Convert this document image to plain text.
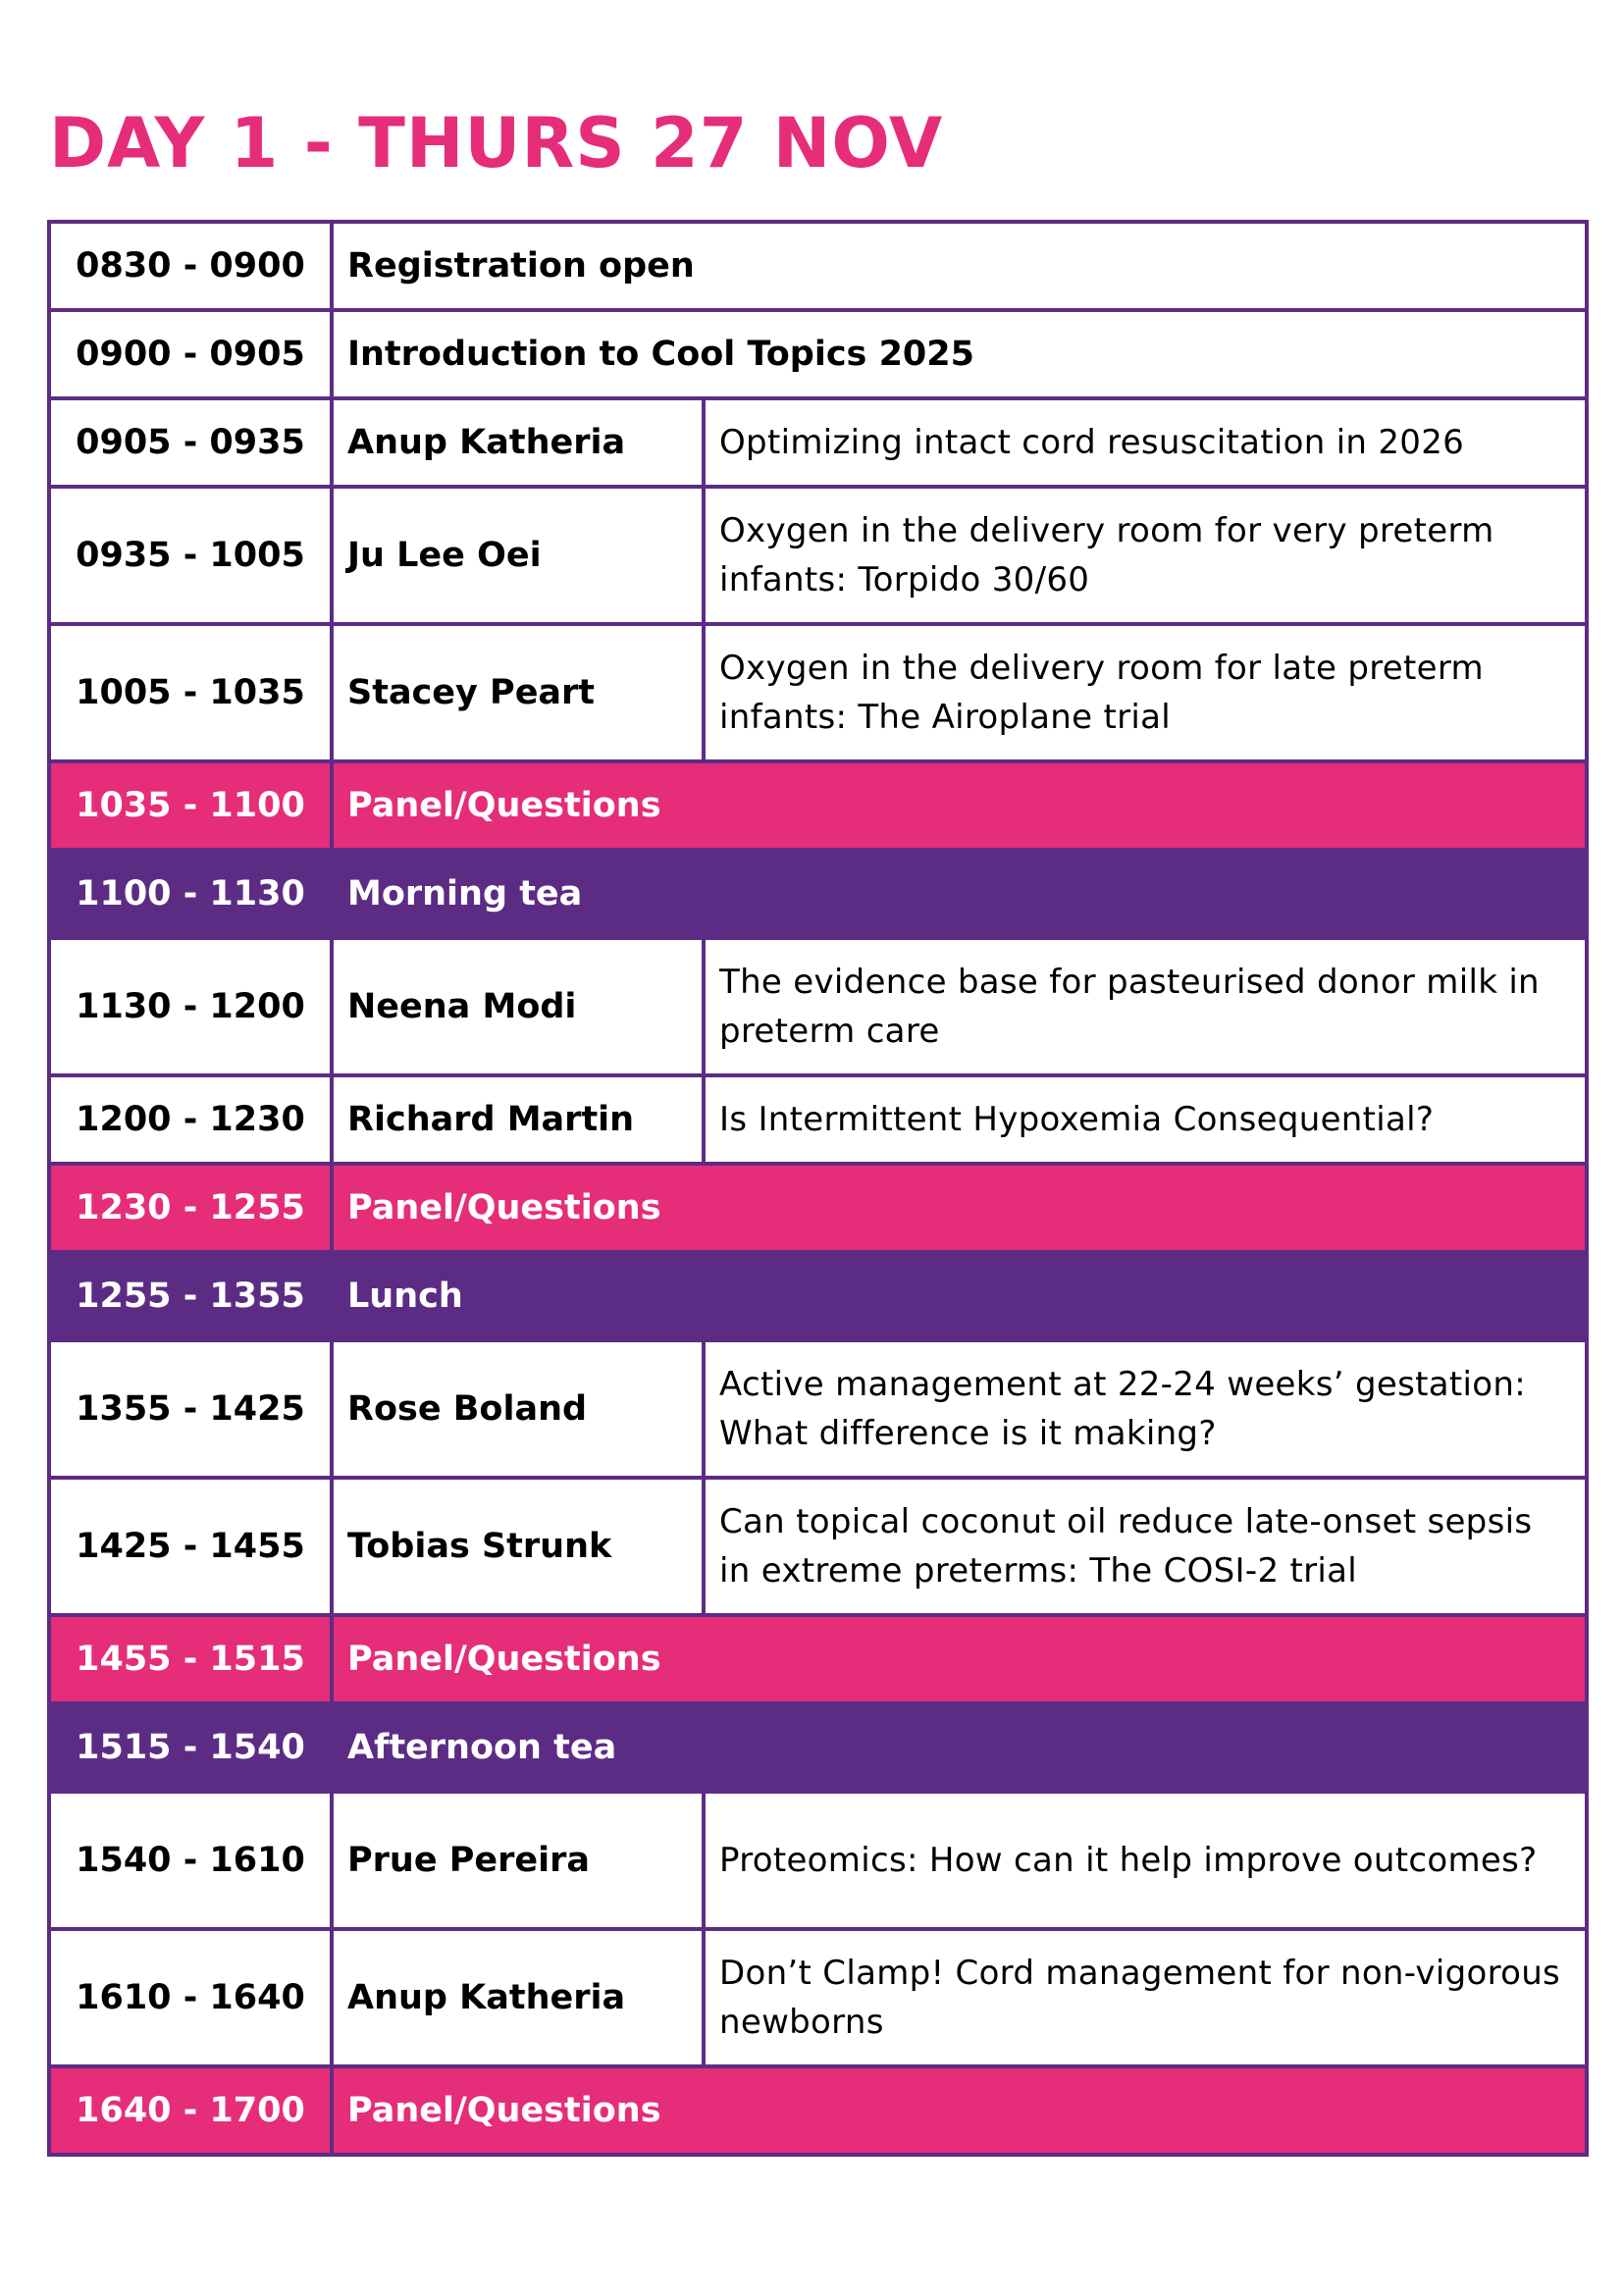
DAY 1 - THURS 27 NOV
0830 - 0900	Registration open	
0900 - 0905	Introduction to Cool Topics 2025	
0905 - 0935	Anup Katheria	Optimizing intact cord resuscitation in 2026
0935 - 1005	Ju Lee Oei	Oxygen in the delivery room for very preterm infants: Torpido 30/60
1005 - 1035	Stacey Peart	Oxygen in the delivery room for late preterm infants: The Airoplane trial
1035 - 1100	Panel/Questions	
1100 - 1130	Morning tea	
1130 - 1200	Neena Modi	The evidence base for pasteurised donor milk in preterm care
1200 - 1230	Richard Martin	Is Intermittent Hypoxemia Consequential?
1230 - 1255	Panel/Questions	
1255 - 1355	Lunch	
1355 - 1425	Rose Boland	Active management at 22-24 weeks’ gestation: What difference is it making?
1425 - 1455	Tobias Strunk	Can topical coconut oil reduce late-onset sepsis in extreme preterms: The COSI-2 trial
1455 - 1515	Panel/Questions	
1515 - 1540	Afternoon tea	
1540 - 1610	Prue Pereira	Proteomics: How can it help improve outcomes?
1610 - 1640	Anup Katheria	Don’t Clamp! Cord management for non-vigorous newborns
1640 - 1700	Panel/Questions	
